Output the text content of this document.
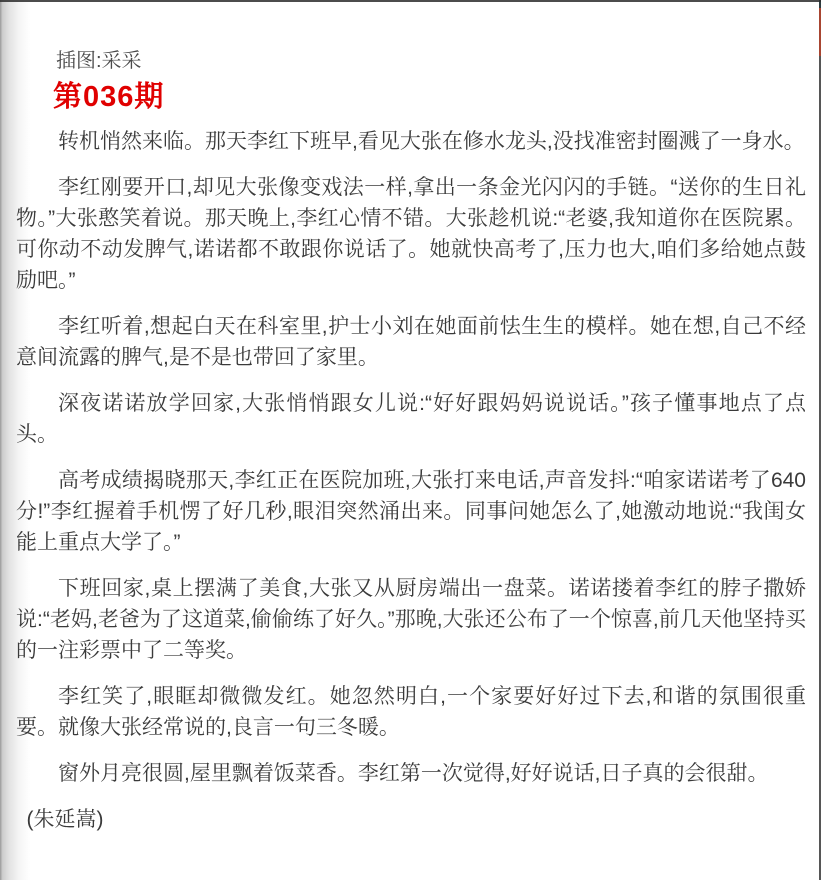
插图:采采

第036期

转机悄然来临。那天李红下班早,看见大张在修水龙头,没找准密封圈溅了一身水。

李红刚要开口,却见大张像变戏法一样,拿出一条金光闪闪的手链。“送你的生日礼物。”大张憨笑着说。那天晚上,李红心情不错。大张趁机说:“老婆,我知道你在医院累。可你动不动发脾气,诺诺都不敢跟你说话了。她就快高考了,压力也大,咱们多给她点鼓励吧。”

李红听着,想起白天在科室里,护士小刘在她面前怯生生的模样。她在想,自己不经意间流露的脾气,是不是也带回了家里。

深夜诺诺放学回家,大张悄悄跟女儿说:“好好跟妈妈说说话。”孩子懂事地点了点头。

高考成绩揭晓那天,李红正在医院加班,大张打来电话,声音发抖:“咱家诺诺考了640分!”李红握着手机愣了好几秒,眼泪突然涌出来。同事问她怎么了,她激动地说:“我闺女能上重点大学了。”

下班回家,桌上摆满了美食,大张又从厨房端出一盘菜。诺诺搂着李红的脖子撒娇说:“老妈,老爸为了这道菜,偷偷练了好久。”那晚,大张还公布了一个惊喜,前几天他坚持买的一注彩票中了二等奖。

李红笑了,眼眶却微微发红。她忽然明白,一个家要好好过下去,和谐的氛围很重要。就像大张经常说的,良言一句三冬暖。

窗外月亮很圆,屋里飘着饭菜香。李红第一次觉得,好好说话,日子真的会很甜。

(朱延嵩)
